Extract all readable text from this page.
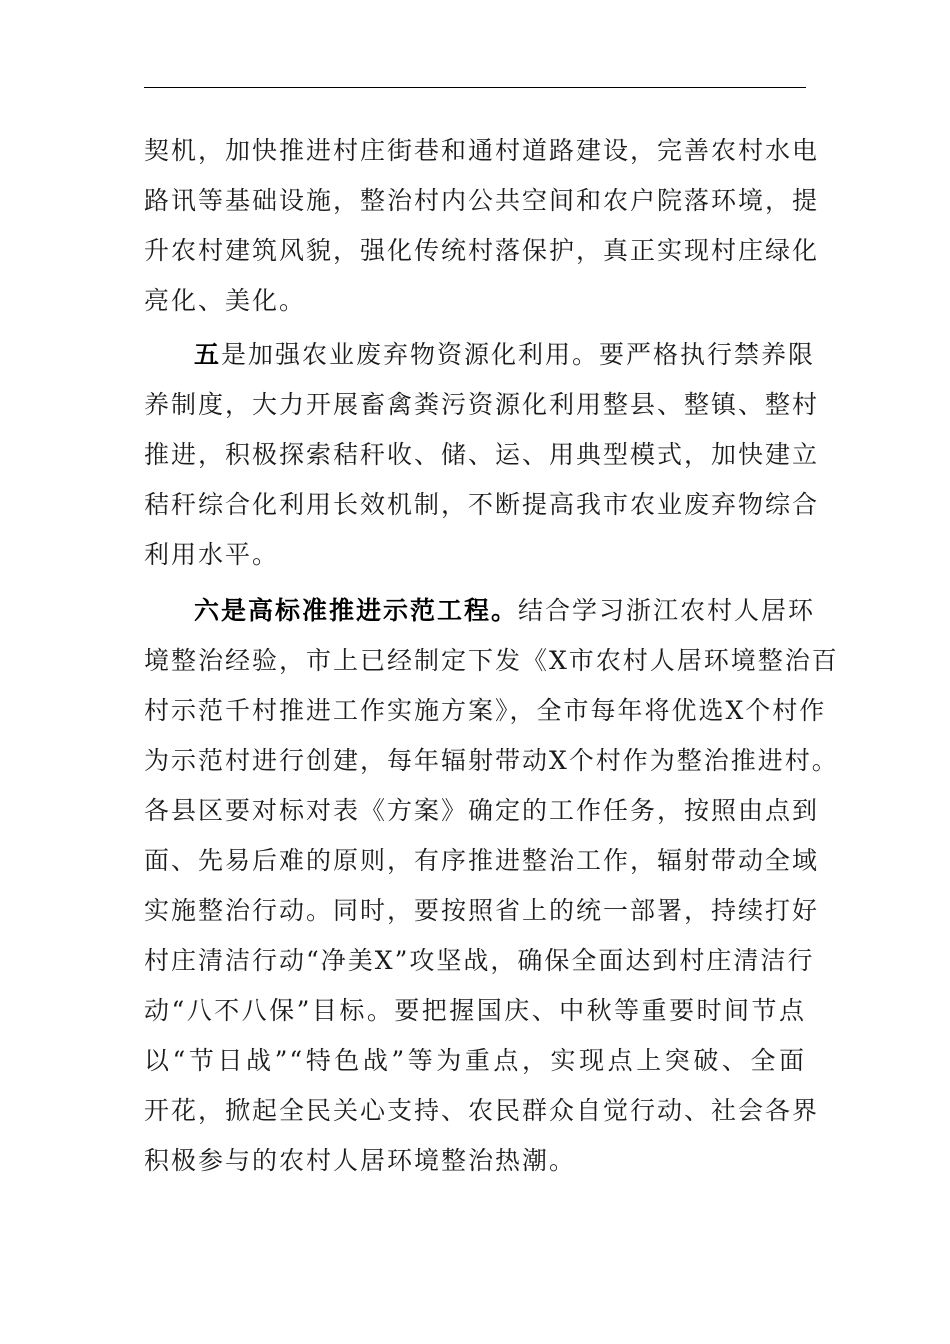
契机，加快推进村庄街巷和通村道路建设，完善农村水电
路讯等基础设施，整治村内公共空间和农户院落环境，提
升农村建筑风貌，强化传统村落保护，真正实现村庄绿化
亮化、美化。
五是加强农业废弃物资源化利用。要严格执行禁养限
养制度，大力开展畜禽粪污资源化利用整县、整镇、整村
推进，积极探索秸秆收、储、运、用典型模式，加快建立
秸秆综合化利用长效机制，不断提高我市农业废弃物综合
利用水平。
六是高标准推进示范工程。结合学习浙江农村人居环
境整治经验，市上已经制定下发《X市农村人居环境整治百
村示范千村推进工作实施方案》，全市每年将优选X个村作
为示范村进行创建，每年辐射带动X个村作为整治推进村。
各县区要对标对表《方案》确定的工作任务，按照由点到
面、先易后难的原则，有序推进整治工作，辐射带动全域
实施整治行动。同时，要按照省上的统一部署，持续打好
村庄清洁行动“净美X”攻坚战，确保全面达到村庄清洁行
动“八不八保”目标。要把握国庆、中秋等重要时间节点
以“节日战”“特色战”等为重点，实现点上突破、全面
开花，掀起全民关心支持、农民群众自觉行动、社会各界
积极参与的农村人居环境整治热潮。
